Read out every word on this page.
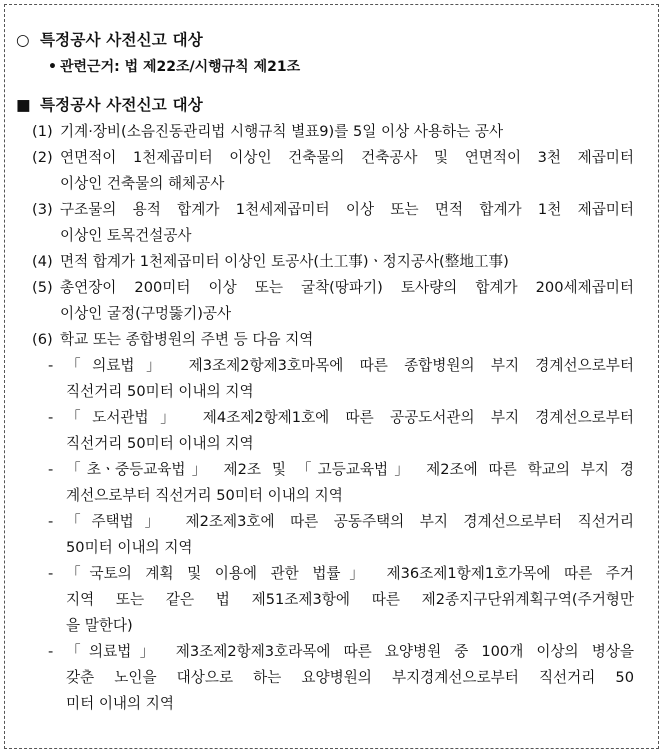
○ 특정공사 사전신고 대상
• 관련근거: 법 제22조/시행규칙 제21조
■ 특정공사 사전신고 대상
(1) 기계·장비(소음진동관리법 시행규칙 별표9)를 5일 이상 사용하는 공사
(2) 연면적이 1천제곱미터 이상인 건축물의 건축공사 및 연면적이 3천 제곱미터
이상인 건축물의 해체공사
(3) 구조물의 용적 합계가 1천세제곱미터 이상 또는 면적 합계가 1천 제곱미터
이상인 토목건설공사
(4) 면적 합계가 1천제곱미터 이상인 토공사(土工事)ㆍ정지공사(整地工事)
(5) 총연장이 200미터 이상 또는 굴착(땅파기) 토사량의 합계가 200세제곱미터
이상인 굴정(구멍뚫기)공사
(6) 학교 또는 종합병원의 주변 등 다음 지역
- 「의료법」 제3조제2항제3호마목에 따른 종합병원의 부지 경계선으로부터
직선거리 50미터 이내의 지역
- 「도서관법」 제4조제2항제1호에 따른 공공도서관의 부지 경계선으로부터
직선거리 50미터 이내의 지역
- 「초ㆍ중등교육법」 제2조 및 「고등교육법」 제2조에 따른 학교의 부지 경
계선으로부터 직선거리 50미터 이내의 지역
- 「주택법」 제2조제3호에 따른 공동주택의 부지 경계선으로부터 직선거리
50미터 이내의 지역
- 「국토의 계획 및 이용에 관한 법률」 제36조제1항제1호가목에 따른 주거
지역 또는 같은 법 제51조제3항에 따른 제2종지구단위계획구역(주거형만
을 말한다)
- 「의료법」 제3조제2항제3호라목에 따른 요양병원 중 100개 이상의 병상을
갖춘 노인을 대상으로 하는 요양병원의 부지경계선으로부터 직선거리 50
미터 이내의 지역
